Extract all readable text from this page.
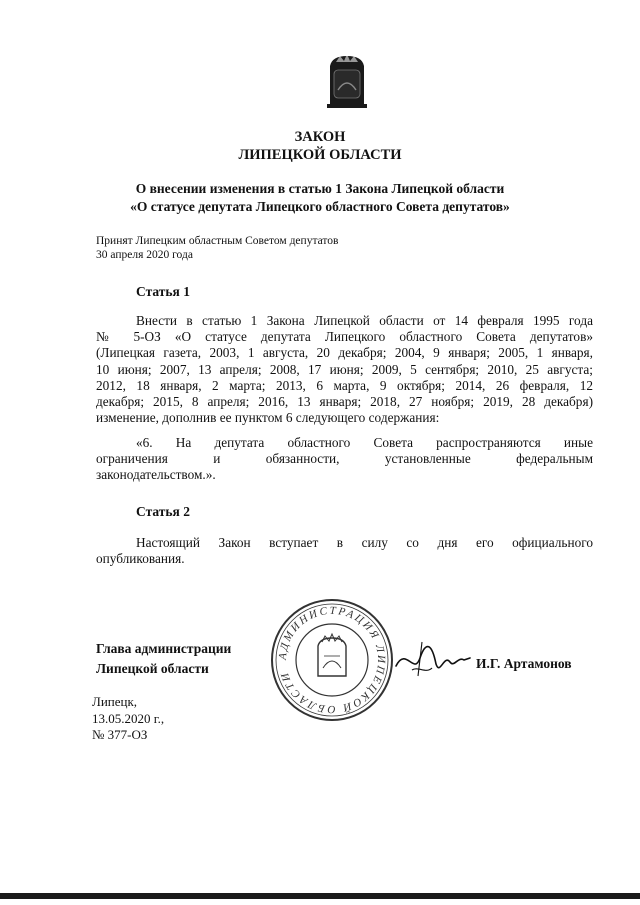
ЗАКОН
ЛИПЕЦКОЙ ОБЛАСТИ
О внесении изменения в статью 1 Закона Липецкой области
«О статусе депутата Липецкого областного Совета депутатов»
Принят Липецким областным Советом депутатов
30 апреля 2020 года
Статья 1
Внести в статью 1 Закона Липецкой области от 14 февраля 1995 года
№ 5-ОЗ «О статусе депутата Липецкого областного Совета депутатов»
(Липецкая газета, 2003, 1 августа, 20 декабря; 2004, 9 января; 2005, 1 января,
10 июня; 2007, 13 апреля; 2008, 17 июня; 2009, 5 сентября; 2010, 25 августа;
2012, 18 января, 2 марта; 2013, 6 марта, 9 октября; 2014, 26 февраля, 12
декабря; 2015, 8 апреля; 2016, 13 января; 2018, 27 ноября; 2019, 28 декабря)
изменение, дополнив ее пунктом 6 следующего содержания:
«6. На депутата областного Совета распространяются иные
ограничения и обязанности, установленные федеральным
законодательством.».
Статья 2
Настоящий Закон вступает в силу со дня его официального
опубликования.
Глава администрации
Липецкой области
АДМИНИСТРАЦИЯ ЛИПЕЦКОЙ ОБЛАСТИ
И.Г. Артамонов
Липецк,
13.05.2020 г.,
№ 377-ОЗ
